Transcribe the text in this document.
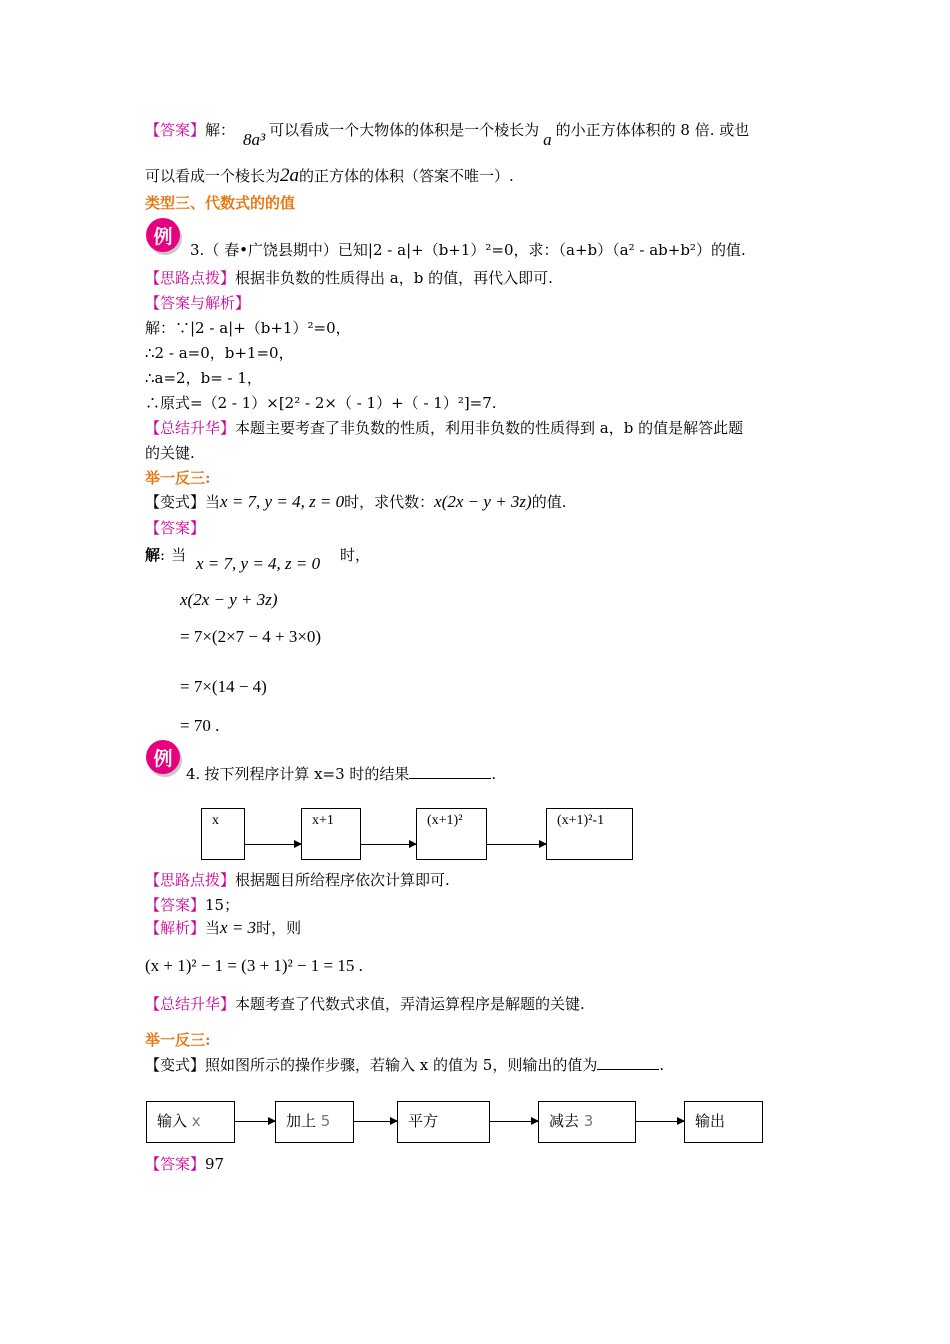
【答案】解： 8a³ 可以看成一个大物体的体积是一个棱长为 a 的小正方体体积的 8 倍. 或也
可以看成一个棱长为2a的正方体的体积（答案不唯一）.
类型三、代数式的的值
例
3.（ 春•广饶县期中）已知|2 - a|+（b+1）²=0，求：（a+b）（a² - ab+b²）的值.
【思路点拨】根据非负数的性质得出 a，b 的值，再代入即可.
【答案与解析】
解：∵|2 - a|+（b+1）²=0，
∴2 - a=0，b+1=0，
∴a=2，b= - 1，
∴原式=（2 - 1）×[2² - 2×（ - 1）+（ - 1）²]=7.
【总结升华】本题主要考查了非负数的性质，利用非负数的性质得到 a，b 的值是解答此题
的关键.
举一反三:
【变式】当x = 7, y = 4, z = 0时，求代数：x(2x − y + 3z)的值.
【答案】
解: 当 x = 7, y = 4, z = 0 时，
x(2x − y + 3z)
= 7×(2×7 − 4 + 3×0)
= 7×(14 − 4)
= 70 .
例
4. 按下列程序计算 x=3 时的结果	.
x	x+1	(x+1)²	(x+1)²-1
【思路点拨】根据题目所给程序依次计算即可.
【答案】15；
【解析】当x = 3时，则
(x + 1)² − 1 = (3 + 1)² − 1 = 15 .
【总结升华】本题考查了代数式求值，弄清运算程序是解题的关键.
举一反三:
【变式】照如图所示的操作步骤，若输入 x 的值为 5，则输出的值为	.
输入 x	加上 5	平方	减去 3	输出
【答案】97
